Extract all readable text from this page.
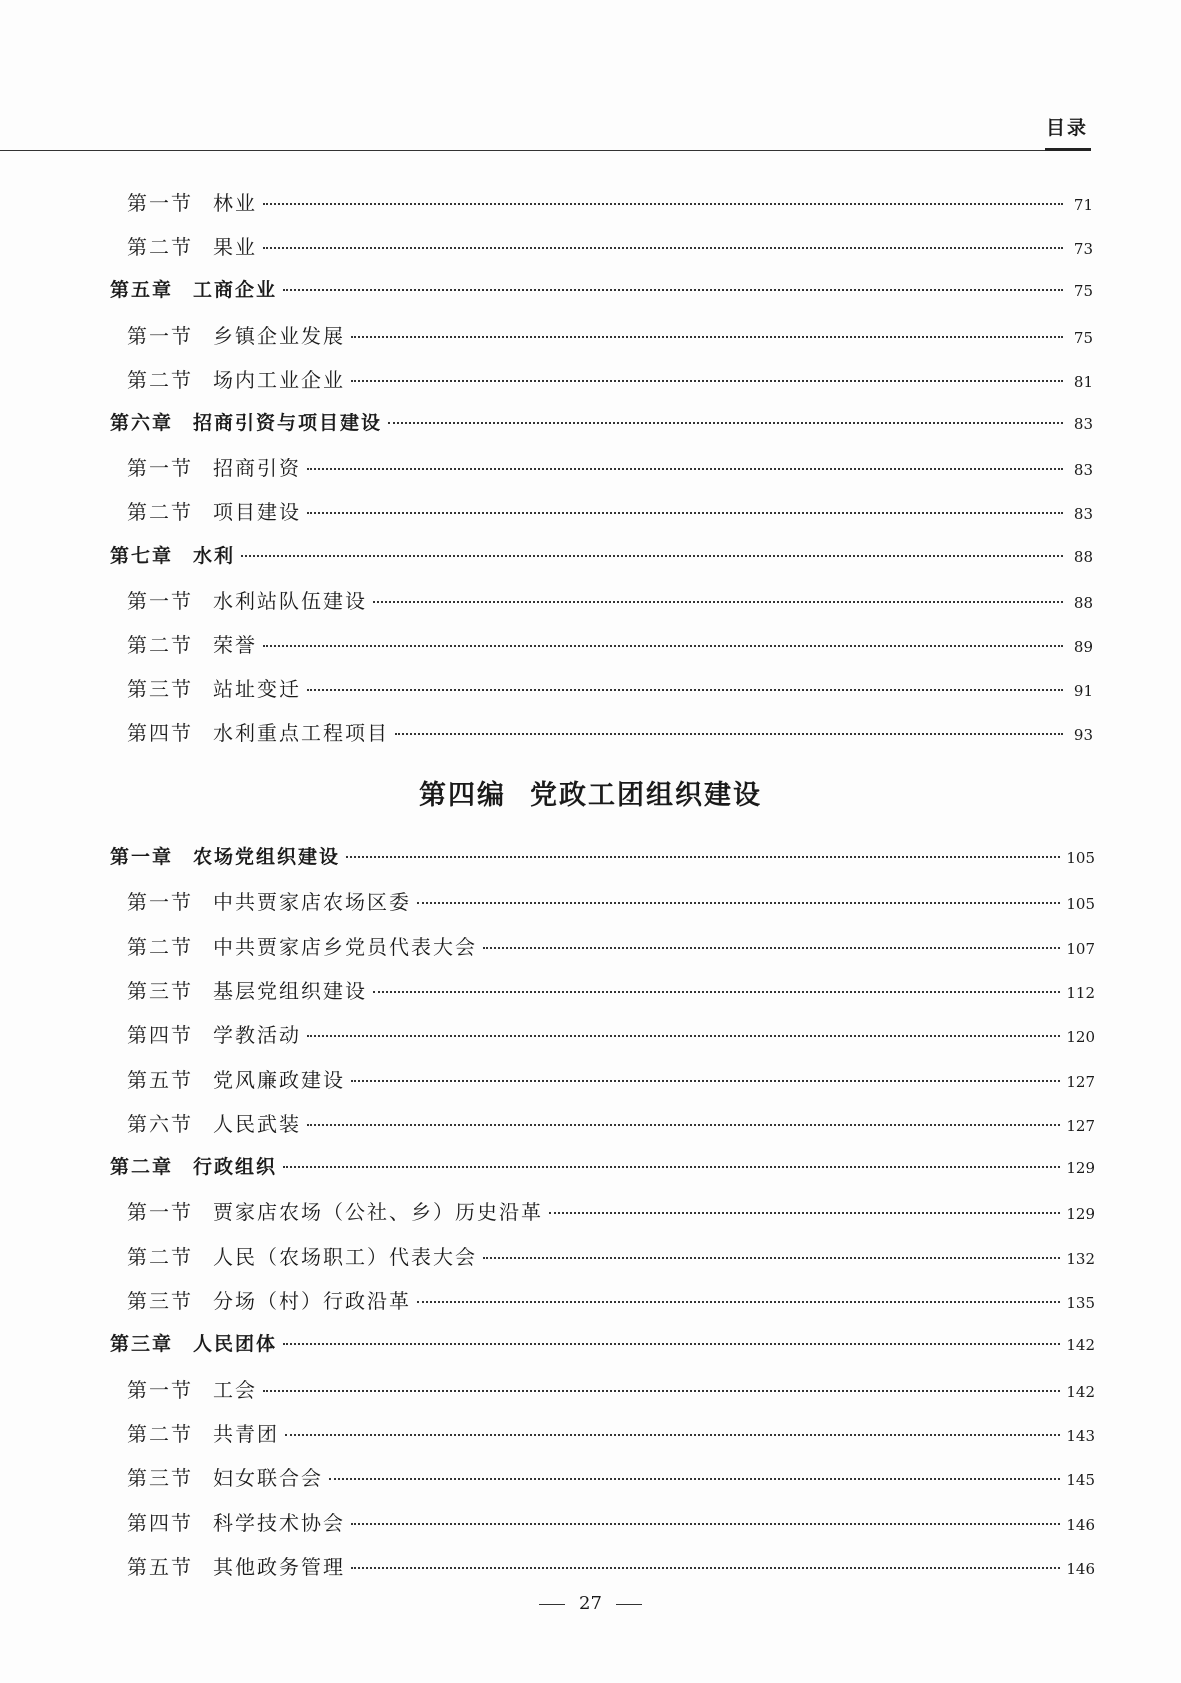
目录
第一节 林业	71
第二节 果业	73
第五章 工商企业	75
第一节 乡镇企业发展	75
第二节 场内工业企业	81
第六章 招商引资与项目建设	83
第一节 招商引资	83
第二节 项目建设	83
第七章 水利	88
第一节 水利站队伍建设	88
第二节 荣誉	89
第三节 站址变迁	91
第四节 水利重点工程项目	93
第四编 党政工团组织建设
第一章 农场党组织建设	105
第一节 中共贾家店农场区委	105
第二节 中共贾家店乡党员代表大会	107
第三节 基层党组织建设	112
第四节 学教活动	120
第五节 党风廉政建设	127
第六节 人民武装	127
第二章 行政组织	129
第一节 贾家店农场（公社、乡）历史沿革	129
第二节 人民（农场职工）代表大会	132
第三节 分场（村）行政沿革	135
第三章 人民团体	142
第一节 工会	142
第二节 共青团	143
第三节 妇女联合会	145
第四节 科学技术协会	146
第五节 其他政务管理	146
27
